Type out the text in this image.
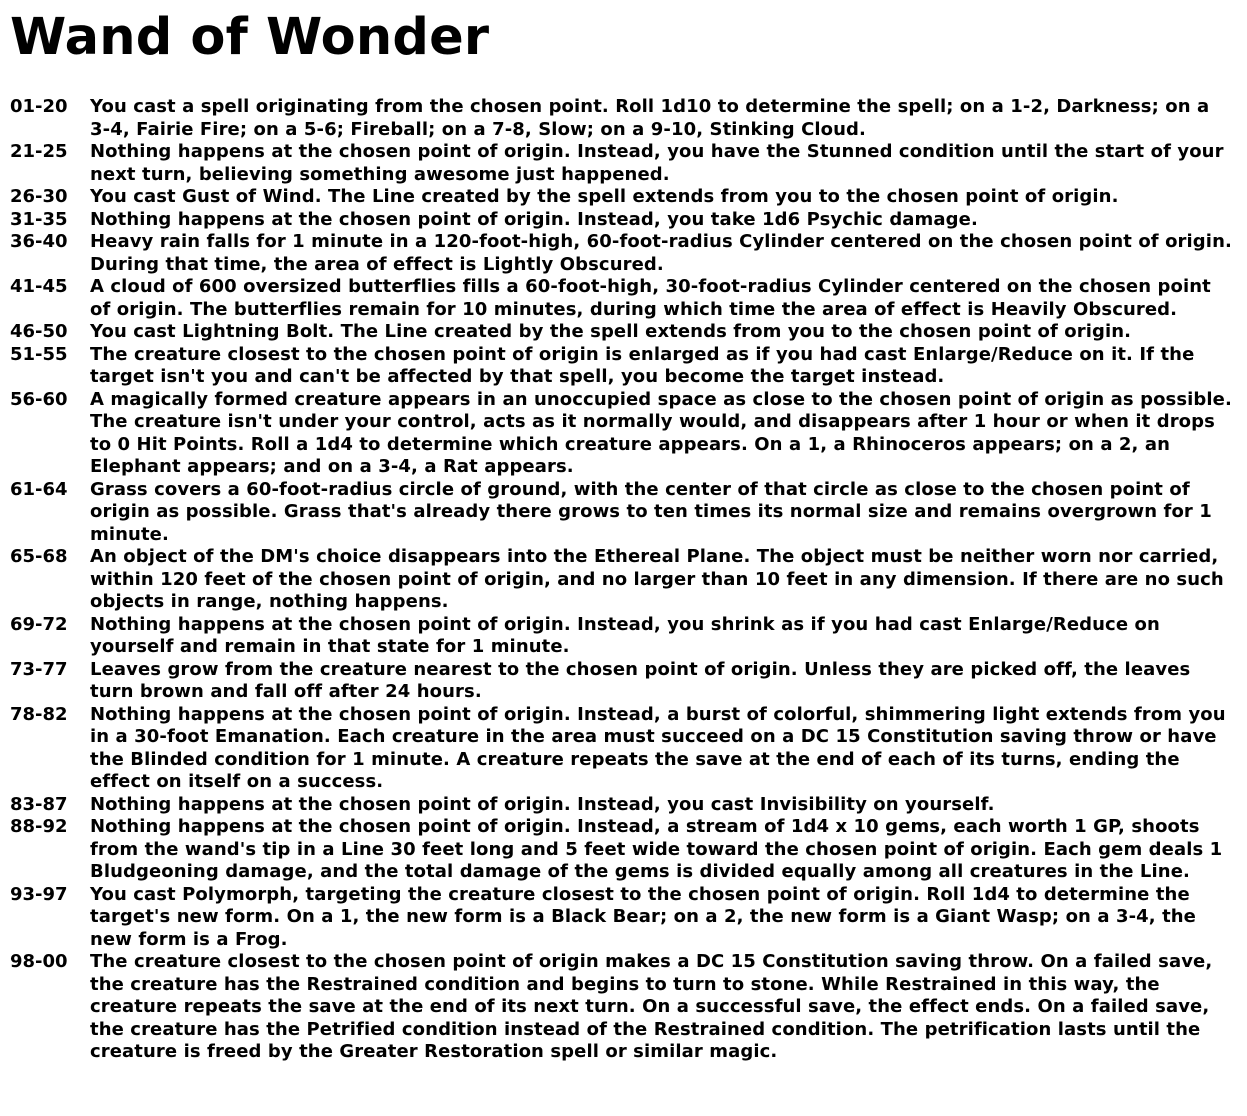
Wand of Wonder
01-20	You cast a spell originating from the chosen point. Roll 1d10 to determine the spell; on a 1-2, Darkness; on a 3-4, Fairie Fire; on a 5-6; Fireball; on a 7-8, Slow; on a 9-10, Stinking Cloud.
21-25	Nothing happens at the chosen point of origin. Instead, you have the Stunned condition until the start of your next turn, believing something awesome just happened.
26-30	You cast Gust of Wind. The Line created by the spell extends from you to the chosen point of origin.
31-35	Nothing happens at the chosen point of origin. Instead, you take 1d6 Psychic damage.
36-40	Heavy rain falls for 1 minute in a 120-foot-high, 60-foot-radius Cylinder centered on the chosen point of origin. During that time, the area of effect is Lightly Obscured.
41-45	A cloud of 600 oversized butterflies fills a 60-foot-high, 30-foot-radius Cylinder centered on the chosen point of origin. The butterflies remain for 10 minutes, during which time the area of effect is Heavily Obscured.
46-50	You cast Lightning Bolt. The Line created by the spell extends from you to the chosen point of origin.
51-55	The creature closest to the chosen point of origin is enlarged as if you had cast Enlarge/Reduce on it. If the target isn't you and can't be affected by that spell, you become the target instead.
56-60	A magically formed creature appears in an unoccupied space as close to the chosen point of origin as possible. The creature isn't under your control, acts as it normally would, and disappears after 1 hour or when it drops to 0 Hit Points. Roll a 1d4 to determine which creature appears. On a 1, a Rhinoceros appears; on a 2, an Elephant appears; and on a 3-4, a Rat appears.
61-64	Grass covers a 60-foot-radius circle of ground, with the center of that circle as close to the chosen point of origin as possible. Grass that's already there grows to ten times its normal size and remains overgrown for 1 minute.
65-68	An object of the DM's choice disappears into the Ethereal Plane. The object must be neither worn nor carried, within 120 feet of the chosen point of origin, and no larger than 10 feet in any dimension. If there are no such objects in range, nothing happens.
69-72	Nothing happens at the chosen point of origin. Instead, you shrink as if you had cast Enlarge/Reduce on yourself and remain in that state for 1 minute.
73-77	Leaves grow from the creature nearest to the chosen point of origin. Unless they are picked off, the leaves turn brown and fall off after 24 hours.
78-82	Nothing happens at the chosen point of origin. Instead, a burst of colorful, shimmering light extends from you in a 30-foot Emanation. Each creature in the area must succeed on a DC 15 Constitution saving throw or have the Blinded condition for 1 minute. A creature repeats the save at the end of each of its turns, ending the effect on itself on a success.
83-87	Nothing happens at the chosen point of origin. Instead, you cast Invisibility on yourself.
88-92	Nothing happens at the chosen point of origin. Instead, a stream of 1d4 x 10 gems, each worth 1 GP, shoots from the wand's tip in a Line 30 feet long and 5 feet wide toward the chosen point of origin. Each gem deals 1 Bludgeoning damage, and the total damage of the gems is divided equally among all creatures in the Line.
93-97	You cast Polymorph, targeting the creature closest to the chosen point of origin. Roll 1d4 to determine the target's new form. On a 1, the new form is a Black Bear; on a 2, the new form is a Giant Wasp; on a 3-4, the new form is a Frog.
98-00	The creature closest to the chosen point of origin makes a DC 15 Constitution saving throw. On a failed save, the creature has the Restrained condition and begins to turn to stone. While Restrained in this way, the creature repeats the save at the end of its next turn. On a successful save, the effect ends. On a failed save, the creature has the Petrified condition instead of the Restrained condition. The petrification lasts until the creature is freed by the Greater Restoration spell or similar magic.
